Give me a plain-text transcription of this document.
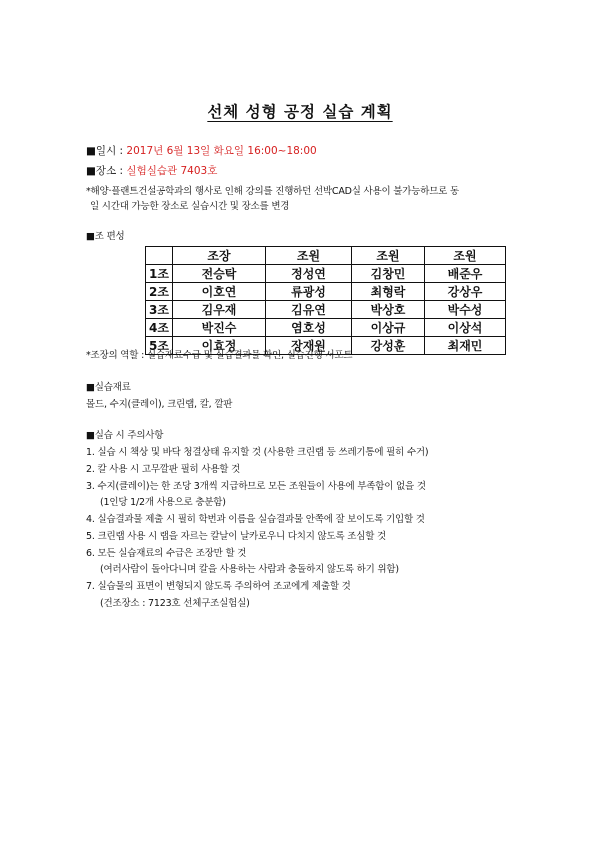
선체 성형 공정 실습 계획
■일시 : 2017년 6월 13일 화요일 16:00~18:00
■장소 : 실험실습관 7403호
*해양·플랜트건설공학과의 행사로 인해 강의를 진행하던 선박CAD실 사용이 불가능하므로 동
일 시간대 가능한 장소로 실습시간 및 장소를 변경
■조 편성
	조장	조원	조원	조원
1조	전승탁	정성연	김창민	배준우
2조	이호연	류광성	최형락	강상우
3조	김우재	김유연	박상호	박수성
4조	박진수	염호성	이상규	이상석
5조	이효정	장재원	강성훈	최재민
*조장의 역할 : 실습재료수급 및 실습결과물 확인, 실습진행 서포트
■실습재료
몰드, 수지(클레이), 크린랩, 칼, 깔판
■실습 시 주의사항
1. 실습 시 책상 및 바닥 청결상태 유지할 것 (사용한 크린랩 등 쓰레기통에 필히 수거)
2. 칼 사용 시 고무깔판 필히 사용할 것
3. 수지(클레이)는 한 조당 3개씩 지급하므로 모든 조원들이 사용에 부족함이 없을 것
(1인당 1/2개 사용으로 충분함)
4. 실습결과물 제출 시 필히 학번과 이름을 실습결과물 안쪽에 잘 보이도록 기입할 것
5. 크린랩 사용 시 랩을 자르는 칼날이 날카로우니 다치지 않도록 조심할 것
6. 모든 실습재료의 수급은 조장만 할 것
(여러사람이 돌아다니며 칼을 사용하는 사람과 충돌하지 않도록 하기 위함)
7. 실습물의 표면이 변형되지 않도록 주의하여 조교에게 제출할 것
(건조장소 : 7123호 선체구조실험실)
